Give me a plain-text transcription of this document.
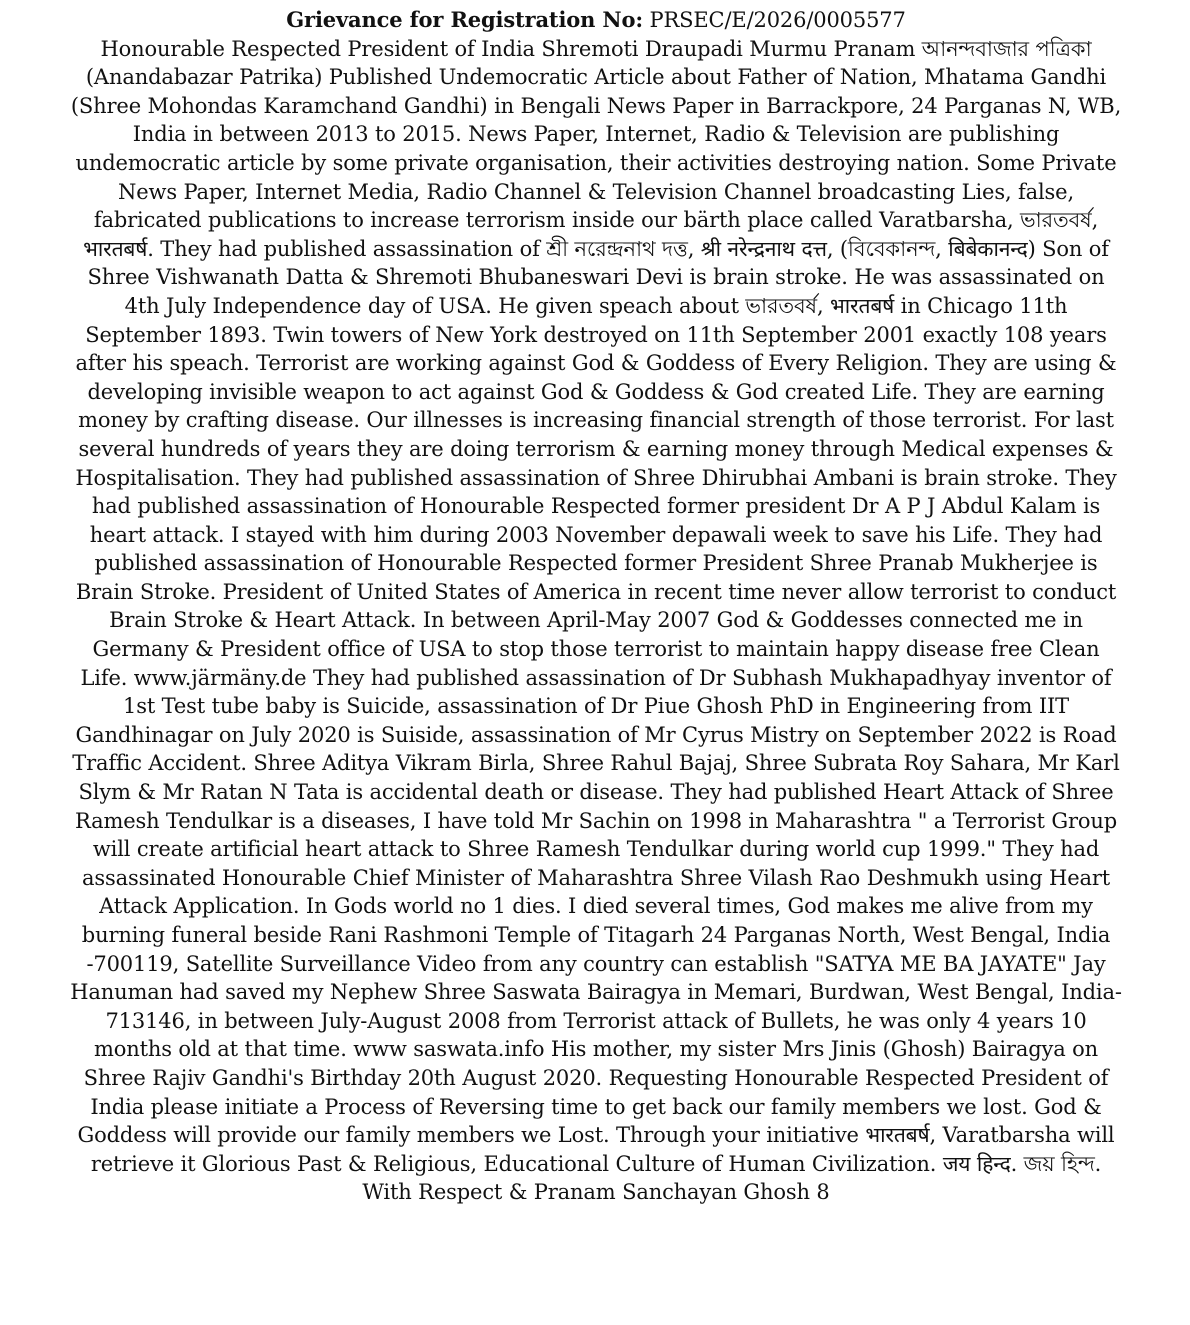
Grievance for Registration No: PRSEC/E/2026/0005577

Honourable Respected President of India Shremoti Draupadi Murmu Pranam আনন্দবাজার পত্রিকা (Anandabazar Patrika) Published Undemocratic Article about Father of Nation, Mhatama Gandhi (Shree Mohondas Karamchand Gandhi) in Bengali News Paper in Barrackpore, 24 Parganas N, WB, India in between 2013 to 2015. News Paper, Internet, Radio & Television are publishing undemocratic article by some private organisation, their activities destroying nation. Some Private News Paper, Internet Media, Radio Channel & Television Channel broadcasting Lies, false, fabricated publications to increase terrorism inside our bärth place called Varatbarsha, ভারতবর্ষ, भारतबर्ष. They had published assassination of শ্রী নরেন্দ্রনাথ দত্ত, श्री नरेन्द्रनाथ दत्त, (বিবেকানন্দ, बिबेकानन्द) Son of Shree Vishwanath Datta & Shremoti Bhubaneswari Devi is brain stroke. He was assassinated on 4th July Independence day of USA. He given speach about ভারতবর্ষ, भारतबर्ष in Chicago 11th September 1893. Twin towers of New York destroyed on 11th September 2001 exactly 108 years after his speach. Terrorist are working against God & Goddess of Every Religion. They are using & developing invisible weapon to act against God & Goddess & God created Life. They are earning money by crafting disease. Our illnesses is increasing financial strength of those terrorist. For last several hundreds of years they are doing terrorism & earning money through Medical expenses & Hospitalisation. They had published assassination of Shree Dhirubhai Ambani is brain stroke. They had published assassination of Honourable Respected former president Dr A P J Abdul Kalam is heart attack. I stayed with him during 2003 November depawali week to save his Life. They had published assassination of Honourable Respected former President Shree Pranab Mukherjee is Brain Stroke. President of United States of America in recent time never allow terrorist to conduct Brain Stroke & Heart Attack. In between April-May 2007 God & Goddesses connected me in Germany & President office of USA to stop those terrorist to maintain happy disease free Clean Life. www.järmäny.de They had published assassination of Dr Subhash Mukhapadhyay inventor of 1st Test tube baby is Suicide, assassination of Dr Piue Ghosh PhD in Engineering from IIT Gandhinagar on July 2020 is Suiside, assassination of Mr Cyrus Mistry on September 2022 is Road Traffic Accident. Shree Aditya Vikram Birla, Shree Rahul Bajaj, Shree Subrata Roy Sahara, Mr Karl Slym & Mr Ratan N Tata is accidental death or disease. They had published Heart Attack of Shree Ramesh Tendulkar is a diseases, I have told Mr Sachin on 1998 in Maharashtra " a Terrorist Group will create artificial heart attack to Shree Ramesh Tendulkar during world cup 1999." They had assassinated Honourable Chief Minister of Maharashtra Shree Vilash Rao Deshmukh using Heart Attack Application. In Gods world no 1 dies. I died several times, God makes me alive from my burning funeral beside Rani Rashmoni Temple of Titagarh 24 Parganas North, West Bengal, India -700119, Satellite Surveillance Video from any country can establish "SATYA ME BA JAYATE" Jay Hanuman had saved my Nephew Shree Saswata Bairagya in Memari, Burdwan, West Bengal, India-713146, in between July-August 2008 from Terrorist attack of Bullets, he was only 4 years 10 months old at that time. www saswata.info His mother, my sister Mrs Jinis (Ghosh) Bairagya on Shree Rajiv Gandhi's Birthday 20th August 2020. Requesting Honourable Respected President of India please initiate a Process of Reversing time to get back our family members we lost. God & Goddess will provide our family members we Lost. Through your initiative भारतबर्ष, Varatbarsha will retrieve it Glorious Past & Religious, Educational Culture of Human Civilization. जय हिन्द. জয় হিন্দ. With Respect & Pranam Sanchayan Ghosh 8
